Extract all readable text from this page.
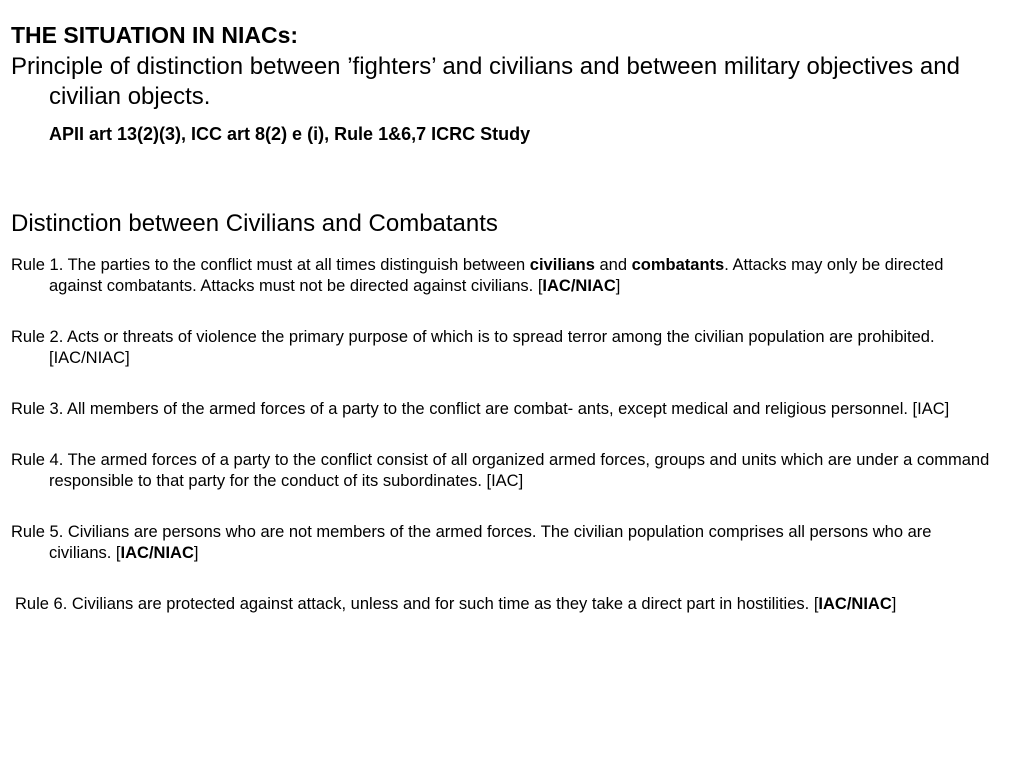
THE SITUATION IN NIACs:
Principle of distinction between ’fighters’ and civilians and between military objectives and civilian objects.
APII art 13(2)(3), ICC art 8(2) e (i), Rule 1&6,7 ICRC Study
Distinction between Civilians and Combatants
Rule 1. The parties to the conflict must at all times distinguish between civilians and combatants. Attacks may only be directed against combatants. Attacks must not be directed against civilians. [IAC/NIAC]
Rule 2. Acts or threats of violence the primary purpose of which is to spread terror among the civilian population are prohibited. [IAC/NIAC]
Rule 3. All members of the armed forces of a party to the conflict are combat- ants, except medical and religious personnel. [IAC]
Rule 4. The armed forces of a party to the conflict consist of all organized armed forces, groups and units which are under a command responsible to that party for the conduct of its subordinates. [IAC]
Rule 5. Civilians are persons who are not members of the armed forces. The civilian population comprises all persons who are civilians. [IAC/NIAC]
Rule 6. Civilians are protected against attack, unless and for such time as they take a direct part in hostilities. [IAC/NIAC]
